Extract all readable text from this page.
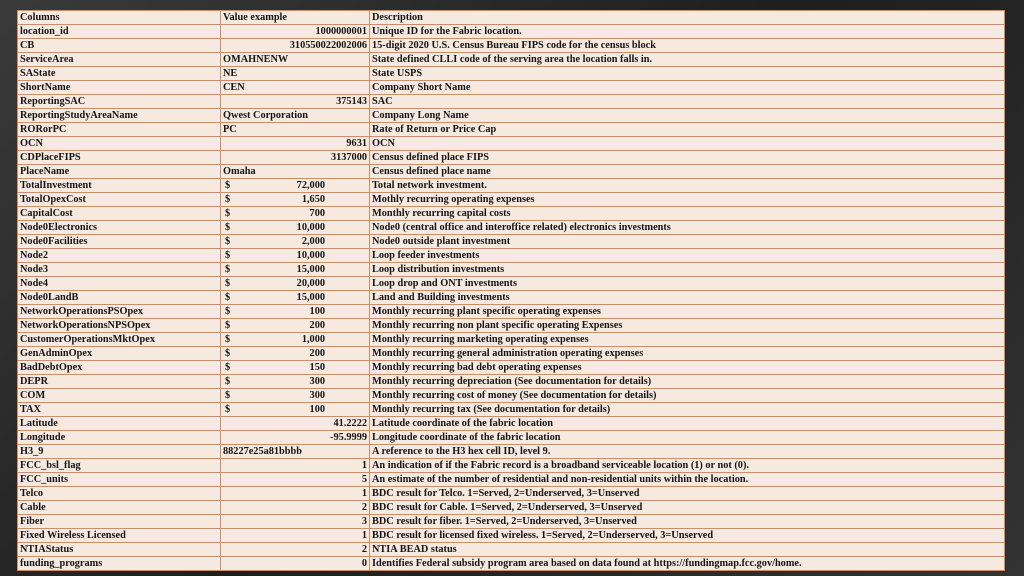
Columns	Value example	Description
location_id	1000000001	Unique ID for the Fabric location.
CB	310550022002006	15-digit 2020 U.S. Census Bureau FIPS code for the census block
ServiceArea	OMAHNENW	State defined CLLI code of the serving area the location falls in.
SAState	NE	State USPS
ShortName	CEN	Company Short Name
ReportingSAC	375143	SAC
ReportingStudyAreaName	Qwest Corporation	Company Long Name
RORorPC	PC	Rate of Return or Price Cap
OCN	9631	OCN
CDPlaceFIPS	3137000	Census defined place FIPS
PlaceName	Omaha	Census defined place name
TotalInvestment	$ 72,000	Total network investment.
TotalOpexCost	$ 1,650	Mothly recurring operating expenses
CapitalCost	$ 700	Monthly recurring capital costs
Node0Electronics	$ 10,000	Node0 (central office and interoffice related) electronics investments
Node0Facilities	$ 2,000	Node0 outside plant investment
Node2	$ 10,000	Loop feeder investments
Node3	$ 15,000	Loop distribution investments
Node4	$ 20,000	Loop drop and ONT investments
Node0LandB	$ 15,000	Land and Building investments
NetworkOperationsPSOpex	$ 100	Monthly recurring plant specific operating expenses
NetworkOperationsNPSOpex	$ 200	Monthly recurring non plant specific operating Expenses
CustomerOperationsMktOpex	$ 1,000	Monthly recurring marketing operating expenses
GenAdminOpex	$ 200	Monthly recurring general administration operating expenses
BadDebtOpex	$ 150	Monthly recurring bad debt operating expenses
DEPR	$ 300	Monthly recurring depreciation (See documentation for details)
COM	$ 300	Monthly recurring cost of money (See documentation for details)
TAX	$ 100	Monthly recurring tax (See documentation for details)
Latitude	41.2222	Latitude coordinate of the fabric location
Longitude	-95.9999	Longitude coordinate of the fabric location
H3_9	88227e25a81bbbb	A reference to the H3 hex cell ID, level 9.
FCC_bsl_flag	1	An indication of if the Fabric record is a broadband serviceable location (1) or not (0).
FCC_units	5	An estimate of the number of residential and non-residential units within the location.
Telco	1	BDC result for Telco. 1=Served, 2=Underserved, 3=Unserved
Cable	2	BDC result for Cable. 1=Served, 2=Underserved, 3=Unserved
Fiber	3	BDC result for fiber. 1=Served, 2=Underserved, 3=Unserved
Fixed Wireless Licensed	1	BDC result for licensed fixed wireless. 1=Served, 2=Underserved, 3=Unserved
NTIAStatus	2	NTIA BEAD status
funding_programs	0	Identifies Federal subsidy program area based on data found at https://fundingmap.fcc.gov/home.
